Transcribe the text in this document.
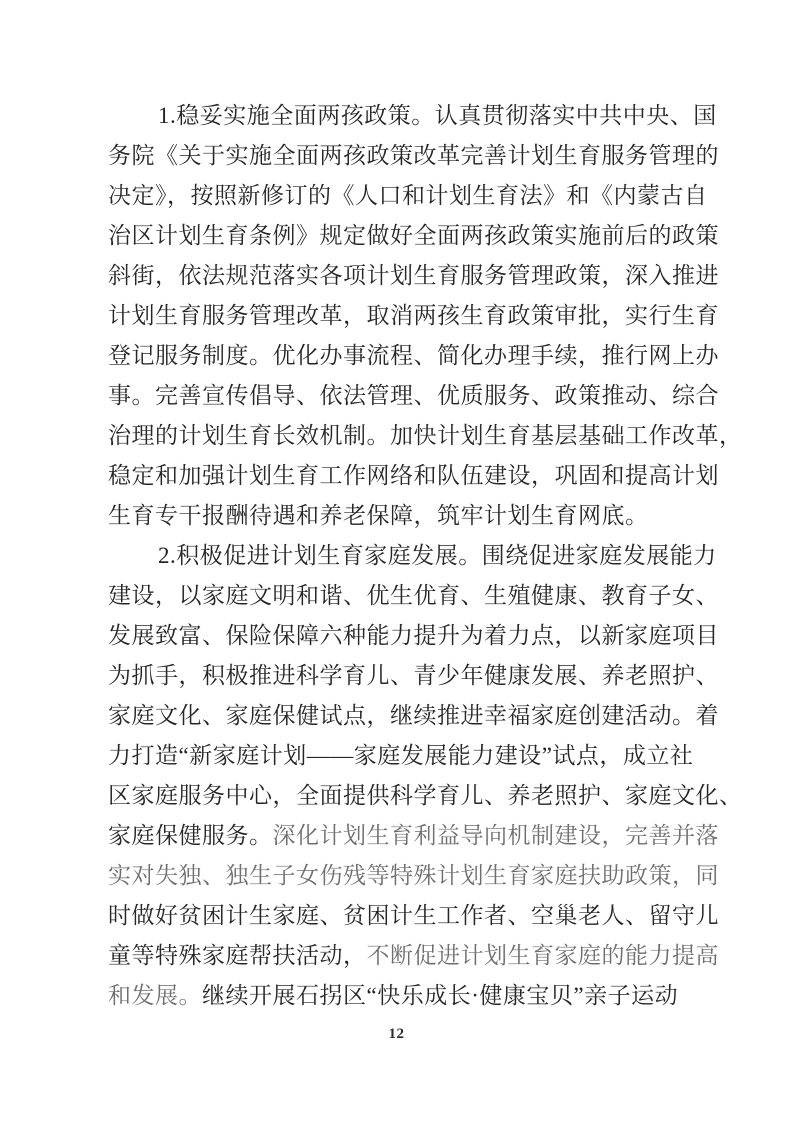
1.稳妥实施全面两孩政策。认真贯彻落实中共中央、国
务院《关于实施全面两孩政策改革完善计划生育服务管理的
决定》，按照新修订的《人口和计划生育法》和《内蒙古自
治区计划生育条例》规定做好全面两孩政策实施前后的政策
斜街，依法规范落实各项计划生育服务管理政策，深入推进
计划生育服务管理改革，取消两孩生育政策审批，实行生育
登记服务制度。优化办事流程、简化办理手续，推行网上办
事。完善宣传倡导、依法管理、优质服务、政策推动、综合
治理的计划生育长效机制。加快计划生育基层基础工作改革，
稳定和加强计划生育工作网络和队伍建设，巩固和提高计划
生育专干报酬待遇和养老保障，筑牢计划生育网底。
2.积极促进计划生育家庭发展。围绕促进家庭发展能力
建设，以家庭文明和谐、优生优育、生殖健康、教育子女、
发展致富、保险保障六种能力提升为着力点，以新家庭项目
为抓手，积极推进科学育儿、青少年健康发展、养老照护、
家庭文化、家庭保健试点，继续推进幸福家庭创建活动。着
力打造“新家庭计划——家庭发展能力建设”试点，成立社
区家庭服务中心，全面提供科学育儿、养老照护、家庭文化、
家庭保健服务。深化计划生育利益导向机制建设，完善并落
实对失独、独生子女伤残等特殊计划生育家庭扶助政策，同
时做好贫困计生家庭、贫困计生工作者、空巢老人、留守儿
童等特殊家庭帮扶活动，不断促进计划生育家庭的能力提高
和发展。继续开展石拐区“快乐成长·健康宝贝”亲子运动
12
